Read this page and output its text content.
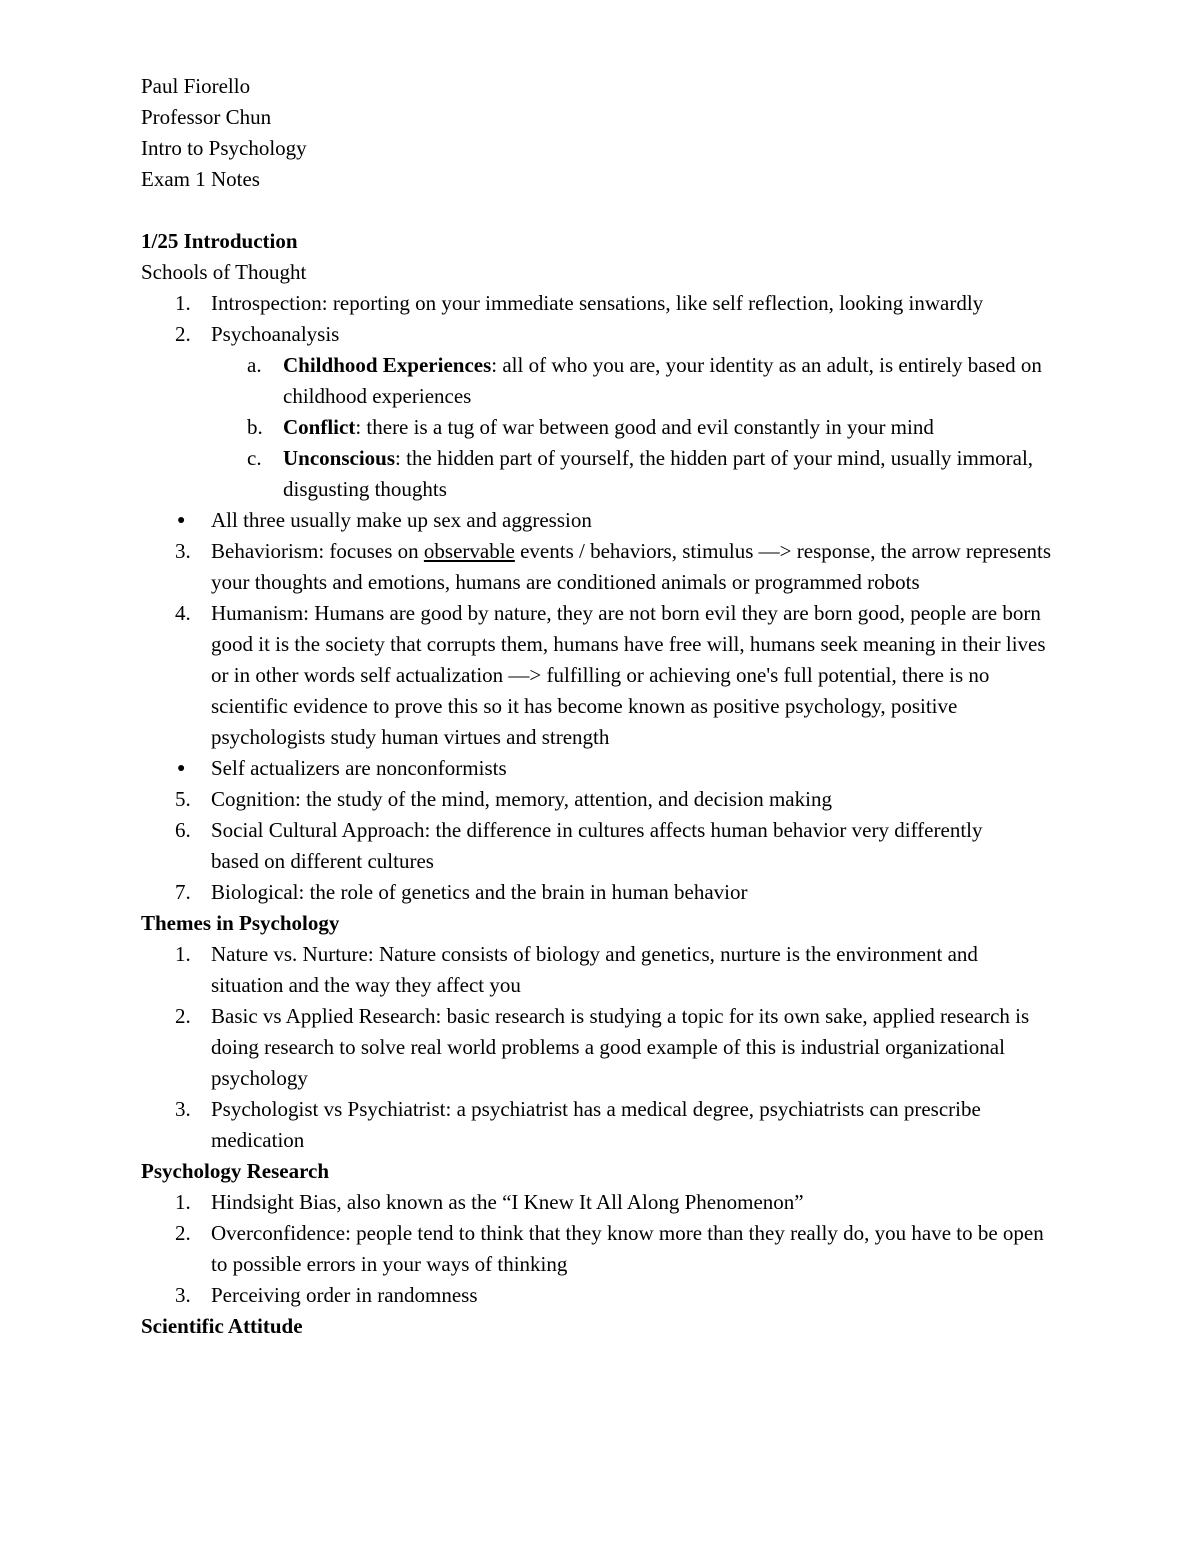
Paul Fiorello
Professor Chun
Intro to Psychology
Exam 1 Notes
1/25 Introduction
Schools of Thought
1. Introspection: reporting on your immediate sensations, like self reflection, looking inwardly
2. Psychoanalysis
a. Childhood Experiences: all of who you are, your identity as an adult, is entirely based on childhood experiences
b. Conflict: there is a tug of war between good and evil constantly in your mind
c. Unconscious: the hidden part of yourself, the hidden part of your mind, usually immoral, disgusting thoughts
● All three usually make up sex and aggression
3. Behaviorism: focuses on observable events / behaviors, stimulus —> response, the arrow represents your thoughts and emotions, humans are conditioned animals or programmed robots
4. Humanism: Humans are good by nature, they are not born evil they are born good, people are born good it is the society that corrupts them, humans have free will, humans seek meaning in their lives or in other words self actualization —> fulfilling or achieving one's full potential, there is no scientific evidence to prove this so it has become known as positive psychology, positive psychologists study human virtues and strength
● Self actualizers are nonconformists
5. Cognition: the study of the mind, memory, attention, and decision making
6. Social Cultural Approach: the difference in cultures affects human behavior very differently based on different cultures
7. Biological: the role of genetics and the brain in human behavior
Themes in Psychology
1. Nature vs. Nurture: Nature consists of biology and genetics, nurture is the environment and situation and the way they affect you
2. Basic vs Applied Research: basic research is studying a topic for its own sake, applied research is doing research to solve real world problems a good example of this is industrial organizational psychology
3. Psychologist vs Psychiatrist: a psychiatrist has a medical degree, psychiatrists can prescribe medication
Psychology Research
1. Hindsight Bias, also known as the “I Knew It All Along Phenomenon”
2. Overconfidence: people tend to think that they know more than they really do, you have to be open to possible errors in your ways of thinking
3. Perceiving order in randomness
Scientific Attitude
